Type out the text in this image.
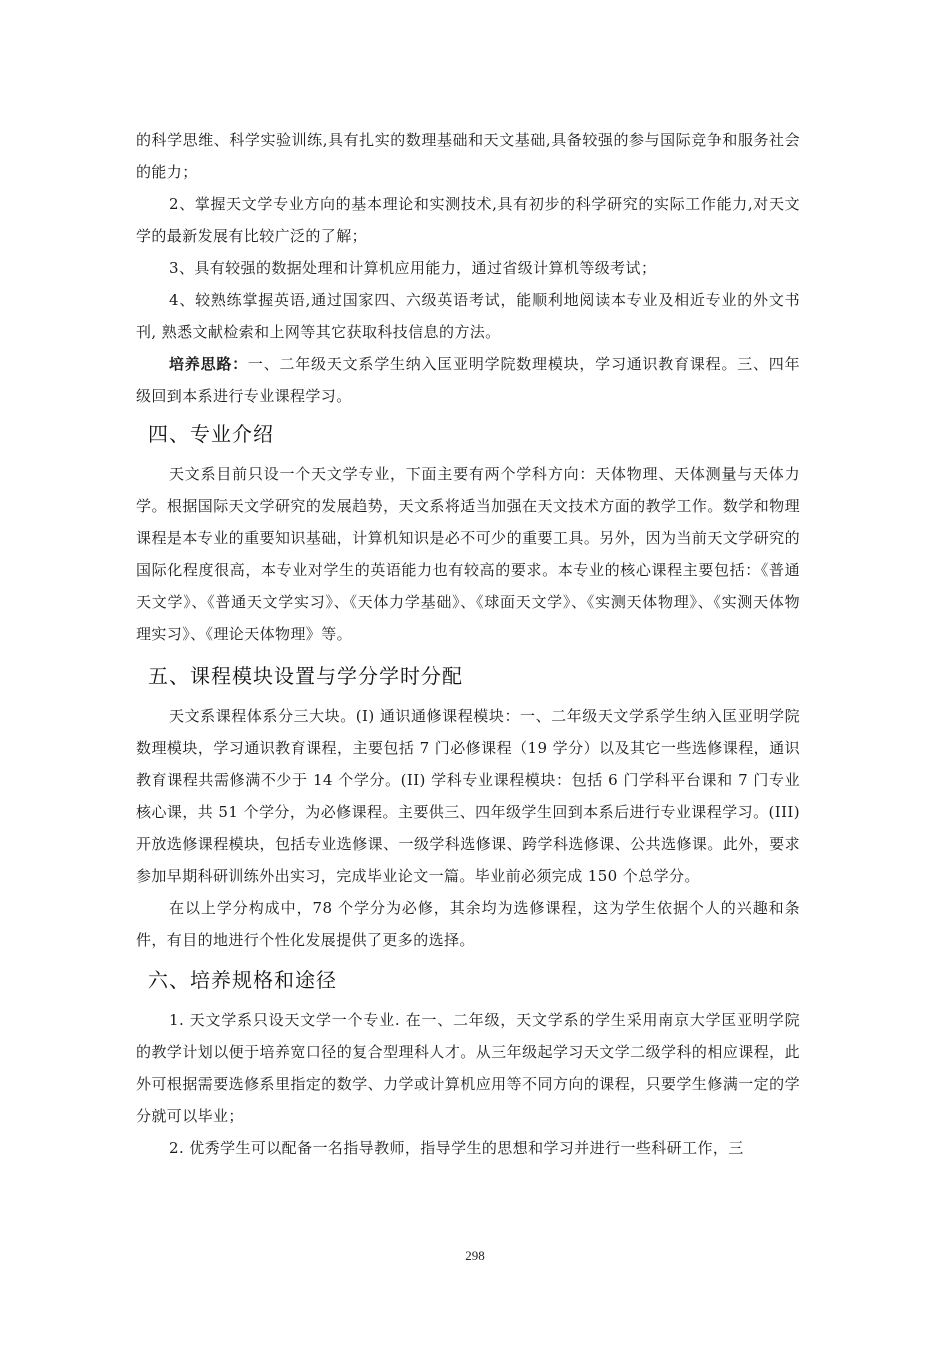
的科学思维、科学实验训练,具有扎实的数理基础和天文基础,具备较强的参与国际竞争和服务社会的能力；

2、掌握天文学专业方向的基本理论和实测技术,具有初步的科学研究的实际工作能力,对天文学的最新发展有比较广泛的了解；

3、具有较强的数据处理和计算机应用能力，通过省级计算机等级考试；

4、较熟练掌握英语,通过国家四、六级英语考试，能顺利地阅读本专业及相近专业的外文书刊, 熟悉文献检索和上网等其它获取科技信息的方法。

培养思路：一、二年级天文系学生纳入匡亚明学院数理模块，学习通识教育课程。三、四年级回到本系进行专业课程学习。

四、专业介绍

天文系目前只设一个天文学专业，下面主要有两个学科方向：天体物理、天体测量与天体力学。根据国际天文学研究的发展趋势，天文系将适当加强在天文技术方面的教学工作。数学和物理课程是本专业的重要知识基础，计算机知识是必不可少的重要工具。另外，因为当前天文学研究的国际化程度很高，本专业对学生的英语能力也有较高的要求。本专业的核心课程主要包括：《普通天文学》、《普通天文学实习》、《天体力学基础》、《球面天文学》、《实测天体物理》、《实测天体物理实习》、《理论天体物理》等。

五、课程模块设置与学分学时分配

天文系课程体系分三大块。(I) 通识通修课程模块：一、二年级天文学系学生纳入匡亚明学院数理模块，学习通识教育课程，主要包括 7 门必修课程（19 学分）以及其它一些选修课程，通识教育课程共需修满不少于 14 个学分。(II) 学科专业课程模块：包括 6 门学科平台课和 7 门专业核心课，共 51 个学分，为必修课程。主要供三、四年级学生回到本系后进行专业课程学习。(III) 开放选修课程模块，包括专业选修课、一级学科选修课、跨学科选修课、公共选修课。此外，要求参加早期科研训练外出实习，完成毕业论文一篇。毕业前必须完成 150 个总学分。

在以上学分构成中，78 个学分为必修，其余均为选修课程，这为学生依据个人的兴趣和条件，有目的地进行个性化发展提供了更多的选择。

六、培养规格和途径

1. 天文学系只设天文学一个专业. 在一、二年级，天文学系的学生采用南京大学匡亚明学院的教学计划以便于培养宽口径的复合型理科人才。从三年级起学习天文学二级学科的相应课程，此外可根据需要选修系里指定的数学、力学或计算机应用等不同方向的课程，只要学生修满一定的学分就可以毕业；

2. 优秀学生可以配备一名指导教师，指导学生的思想和学习并进行一些科研工作，三

298
